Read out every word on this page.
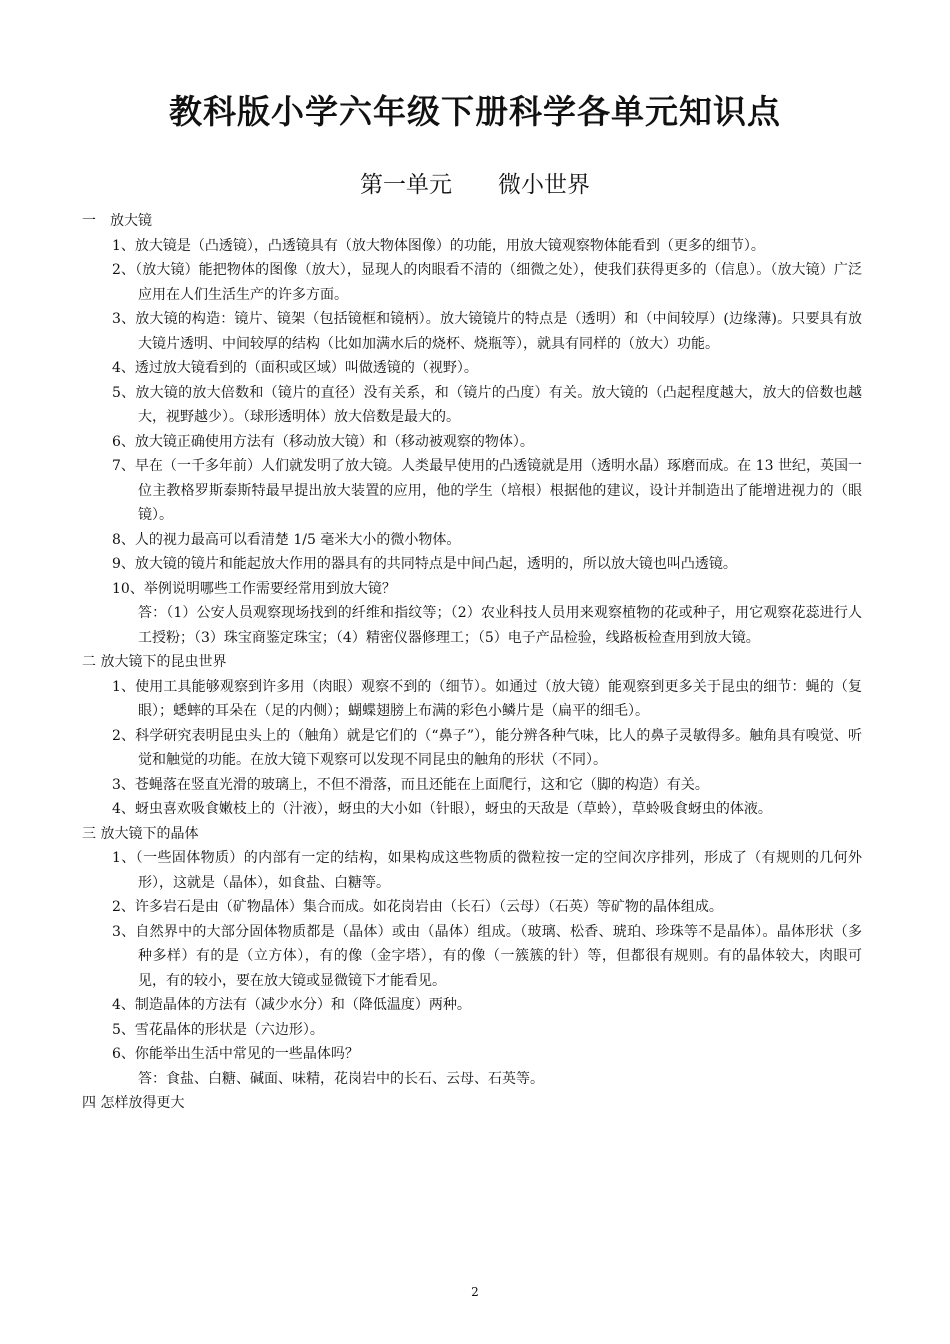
教科版小学六年级下册科学各单元知识点
第一单元　　微小世界

一　放大镜

1、放大镜是（凸透镜），凸透镜具有（放大物体图像）的功能，用放大镜观察物体能看到（更多的细节）。

2、（放大镜）能把物体的图像（放大），显现人的肉眼看不清的（细微之处），使我们获得更多的（信息）。（放大镜）广泛应用在人们生活生产的许多方面。

3、放大镜的构造：镜片、镜架（包括镜框和镜柄）。放大镜镜片的特点是（透明）和（中间较厚）(边缘薄)。只要具有放大镜片透明、中间较厚的结构（比如加满水后的烧杯、烧瓶等），就具有同样的（放大）功能。

4、透过放大镜看到的（面积或区域）叫做透镜的（视野）。

5、放大镜的放大倍数和（镜片的直径）没有关系，和（镜片的凸度）有关。放大镜的（凸起程度越大，放大的倍数也越大，视野越少）。（球形透明体）放大倍数是最大的。

6、放大镜正确使用方法有（移动放大镜）和（移动被观察的物体）。

7、早在（一千多年前）人们就发明了放大镜。人类最早使用的凸透镜就是用（透明水晶）琢磨而成。在 13 世纪，英国一位主教格罗斯泰斯特最早提出放大装置的应用，他的学生（培根）根据他的建议，设计并制造出了能增进视力的（眼镜）。

8、人的视力最高可以看清楚 1/5 毫米大小的微小物体。

9、放大镜的镜片和能起放大作用的器具有的共同特点是中间凸起，透明的，所以放大镜也叫凸透镜。

10、举例说明哪些工作需要经常用到放大镜？

答：（1）公安人员观察现场找到的纤维和指纹等；（2）农业科技人员用来观察植物的花或种子，用它观察花蕊进行人工授粉；（3）珠宝商鉴定珠宝；（4）精密仪器修理工；（5）电子产品检验，线路板检查用到放大镜。

二 放大镜下的昆虫世界

1、使用工具能够观察到许多用（肉眼）观察不到的（细节）。如通过（放大镜）能观察到更多关于昆虫的细节：蝇的（复眼）；蟋蟀的耳朵在（足的内侧）；蝴蝶翅膀上布满的彩色小鳞片是（扁平的细毛）。

2、科学研究表明昆虫头上的（触角）就是它们的（“鼻子”），能分辨各种气味，比人的鼻子灵敏得多。触角具有嗅觉、听觉和触觉的功能。在放大镜下观察可以发现不同昆虫的触角的形状（不同）。

3、苍蝇落在竖直光滑的玻璃上，不但不滑落，而且还能在上面爬行，这和它（脚的构造）有关。

4、蚜虫喜欢吸食嫩枝上的（汁液），蚜虫的大小如（针眼），蚜虫的天敌是（草蛉），草蛉吸食蚜虫的体液。

三 放大镜下的晶体

1、（一些固体物质）的内部有一定的结构，如果构成这些物质的微粒按一定的空间次序排列，形成了（有规则的几何外形），这就是（晶体），如食盐、白糖等。

2、许多岩石是由（矿物晶体）集合而成。如花岗岩由（长石）（云母）（石英）等矿物的晶体组成。

3、自然界中的大部分固体物质都是（晶体）或由（晶体）组成。（玻璃、松香、琥珀、珍珠等不是晶体）。晶体形状（多种多样）有的是（立方体），有的像（金字塔），有的像（一簇簇的针）等，但都很有规则。有的晶体较大，肉眼可见，有的较小，要在放大镜或显微镜下才能看见。

4、制造晶体的方法有（减少水分）和（降低温度）两种。

5、雪花晶体的形状是（六边形）。

6、你能举出生活中常见的一些晶体吗？

答：食盐、白糖、碱面、味精，花岗岩中的长石、云母、石英等。

四 怎样放得更大

2
